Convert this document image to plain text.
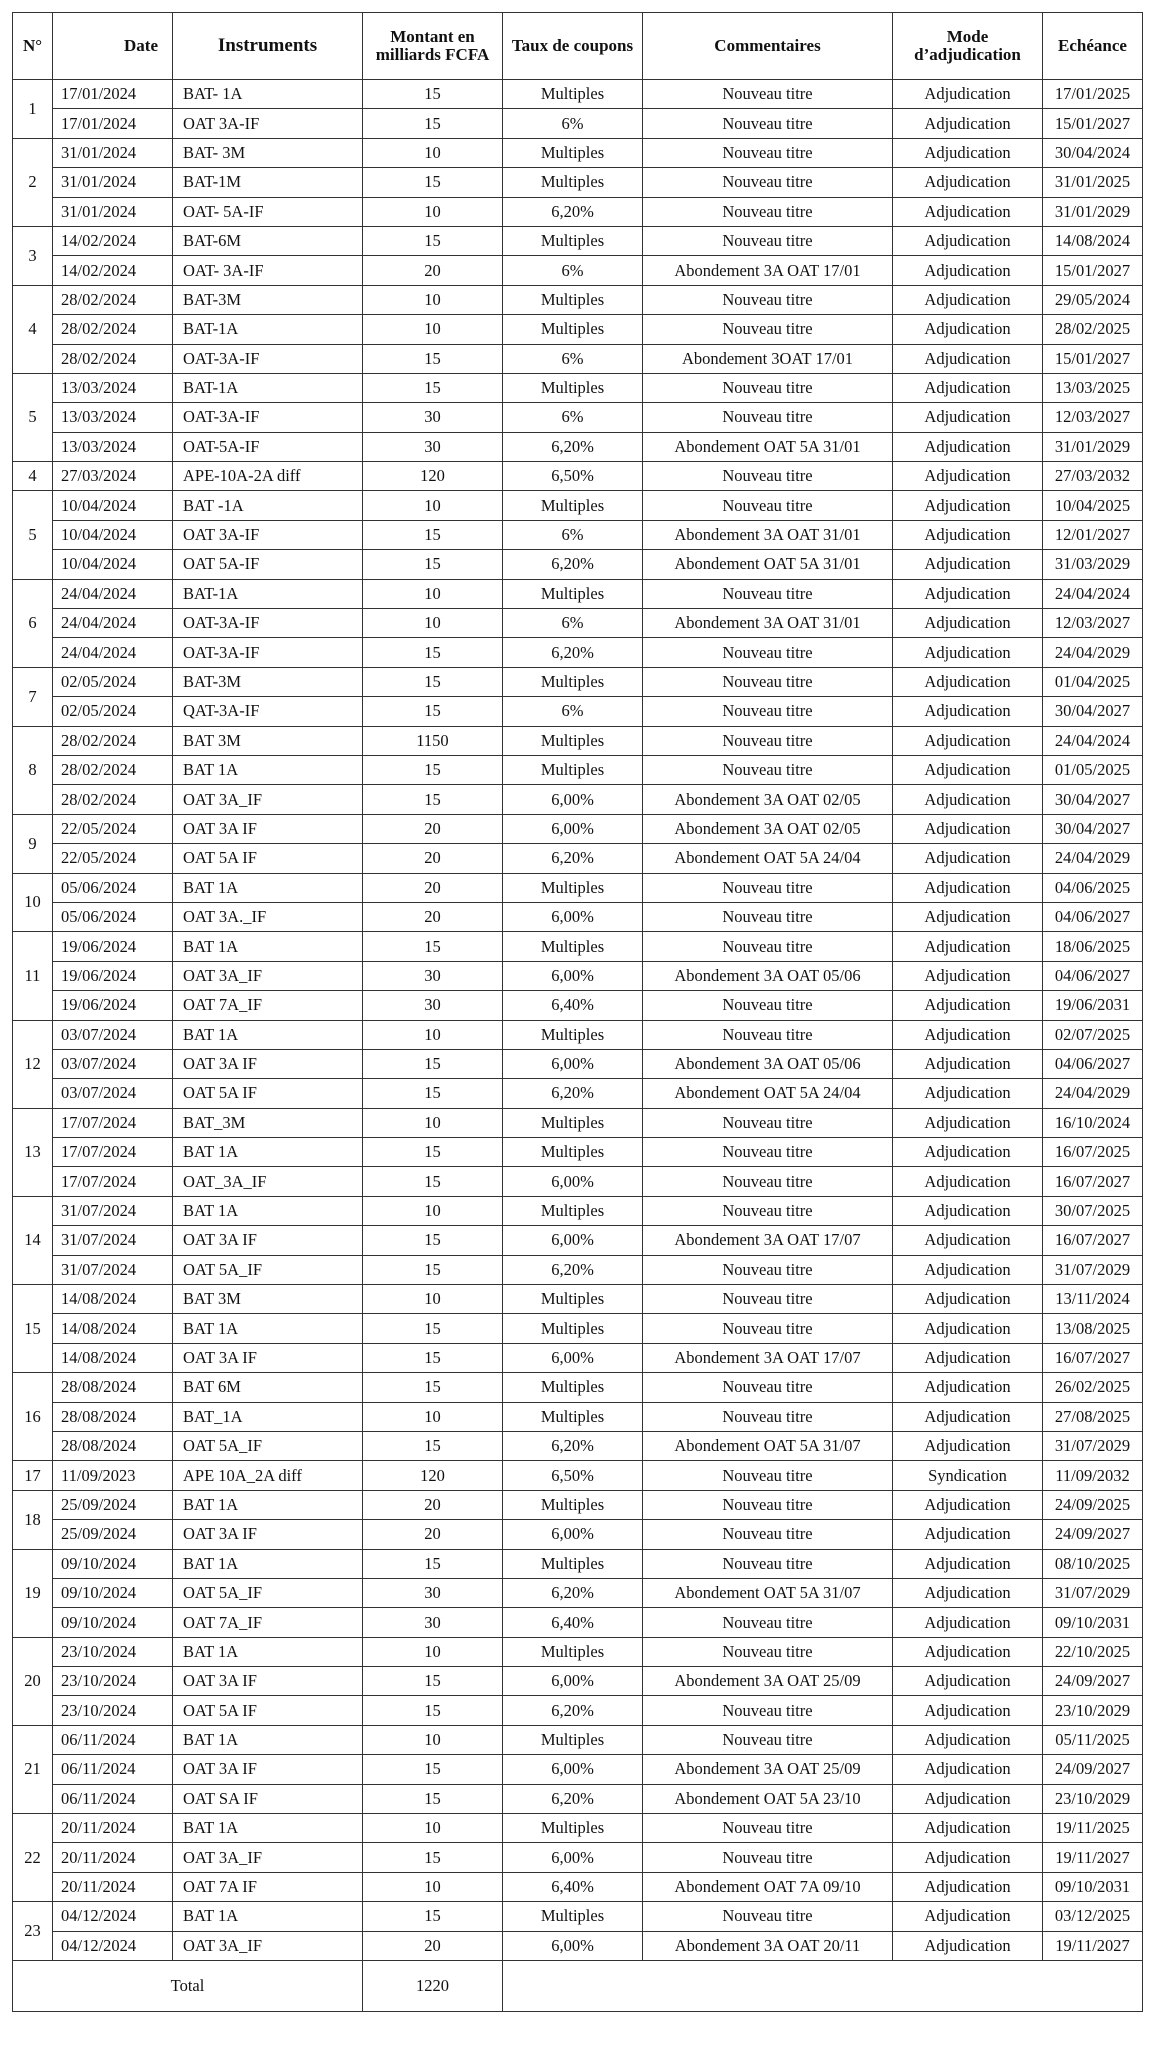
N°	Date	Instruments	Montant en milliards FCFA	Taux de coupons	Commentaires	Mode d’adjudication	Echéance
1	17/01/2024	BAT- 1A	15	Multiples	Nouveau titre	Adjudication	17/01/2025
	17/01/2024	OAT 3A-IF	15	6%	Nouveau titre	Adjudication	15/01/2027
2	31/01/2024	BAT- 3M	10	Multiples	Nouveau titre	Adjudication	30/04/2024
	31/01/2024	BAT-1M	15	Multiples	Nouveau titre	Adjudication	31/01/2025
	31/01/2024	OAT- 5A-IF	10	6,20%	Nouveau titre	Adjudication	31/01/2029
3	14/02/2024	BAT-6M	15	Multiples	Nouveau titre	Adjudication	14/08/2024
	14/02/2024	OAT- 3A-IF	20	6%	Abondement 3A OAT 17/01	Adjudication	15/01/2027
4	28/02/2024	BAT-3M	10	Multiples	Nouveau titre	Adjudication	29/05/2024
	28/02/2024	BAT-1A	10	Multiples	Nouveau titre	Adjudication	28/02/2025
	28/02/2024	OAT-3A-IF	15	6%	Abondement 3OAT 17/01	Adjudication	15/01/2027
5	13/03/2024	BAT-1A	15	Multiples	Nouveau titre	Adjudication	13/03/2025
	13/03/2024	OAT-3A-IF	30	6%	Nouveau titre	Adjudication	12/03/2027
	13/03/2024	OAT-5A-IF	30	6,20%	Abondement OAT 5A 31/01	Adjudication	31/01/2029
4	27/03/2024	APE-10A-2A diff	120	6,50%	Nouveau titre	Adjudication	27/03/2032
5	10/04/2024	BAT -1A	10	Multiples	Nouveau titre	Adjudication	10/04/2025
	10/04/2024	OAT 3A-IF	15	6%	Abondement 3A OAT 31/01	Adjudication	12/01/2027
	10/04/2024	OAT 5A-IF	15	6,20%	Abondement OAT 5A 31/01	Adjudication	31/03/2029
6	24/04/2024	BAT-1A	10	Multiples	Nouveau titre	Adjudication	24/04/2024
	24/04/2024	OAT-3A-IF	10	6%	Abondement 3A OAT 31/01	Adjudication	12/03/2027
	24/04/2024	OAT-3A-IF	15	6,20%	Nouveau titre	Adjudication	24/04/2029
7	02/05/2024	BAT-3M	15	Multiples	Nouveau titre	Adjudication	01/04/2025
	02/05/2024	QAT-3A-IF	15	6%	Nouveau titre	Adjudication	30/04/2027
8	28/02/2024	BAT 3M	1150	Multiples	Nouveau titre	Adjudication	24/04/2024
	28/02/2024	BAT 1A	15	Multiples	Nouveau titre	Adjudication	01/05/2025
	28/02/2024	OAT 3A_IF	15	6,00%	Abondement 3A OAT 02/05	Adjudication	30/04/2027
9	22/05/2024	OAT 3A IF	20	6,00%	Abondement 3A OAT 02/05	Adjudication	30/04/2027
	22/05/2024	OAT 5A IF	20	6,20%	Abondement OAT 5A 24/04	Adjudication	24/04/2029
10	05/06/2024	BAT 1A	20	Multiples	Nouveau titre	Adjudication	04/06/2025
	05/06/2024	OAT 3A._IF	20	6,00%	Nouveau titre	Adjudication	04/06/2027
11	19/06/2024	BAT 1A	15	Multiples	Nouveau titre	Adjudication	18/06/2025
	19/06/2024	OAT 3A_IF	30	6,00%	Abondement 3A OAT 05/06	Adjudication	04/06/2027
	19/06/2024	OAT 7A_IF	30	6,40%	Nouveau titre	Adjudication	19/06/2031
12	03/07/2024	BAT 1A	10	Multiples	Nouveau titre	Adjudication	02/07/2025
	03/07/2024	OAT 3A IF	15	6,00%	Abondement 3A OAT 05/06	Adjudication	04/06/2027
	03/07/2024	OAT 5A IF	15	6,20%	Abondement OAT 5A 24/04	Adjudication	24/04/2029
13	17/07/2024	BAT_3M	10	Multiples	Nouveau titre	Adjudication	16/10/2024
	17/07/2024	BAT 1A	15	Multiples	Nouveau titre	Adjudication	16/07/2025
	17/07/2024	OAT_3A_IF	15	6,00%	Nouveau titre	Adjudication	16/07/2027
14	31/07/2024	BAT 1A	10	Multiples	Nouveau titre	Adjudication	30/07/2025
	31/07/2024	OAT 3A IF	15	6,00%	Abondement 3A OAT 17/07	Adjudication	16/07/2027
	31/07/2024	OAT 5A_IF	15	6,20%	Nouveau titre	Adjudication	31/07/2029
15	14/08/2024	BAT 3M	10	Multiples	Nouveau titre	Adjudication	13/11/2024
	14/08/2024	BAT 1A	15	Multiples	Nouveau titre	Adjudication	13/08/2025
	14/08/2024	OAT 3A IF	15	6,00%	Abondement 3A OAT 17/07	Adjudication	16/07/2027
16	28/08/2024	BAT 6M	15	Multiples	Nouveau titre	Adjudication	26/02/2025
	28/08/2024	BAT_1A	10	Multiples	Nouveau titre	Adjudication	27/08/2025
	28/08/2024	OAT 5A_IF	15	6,20%	Abondement OAT 5A 31/07	Adjudication	31/07/2029
17	11/09/2023	APE 10A_2A diff	120	6,50%	Nouveau titre	Syndication	11/09/2032
18	25/09/2024	BAT 1A	20	Multiples	Nouveau titre	Adjudication	24/09/2025
	25/09/2024	OAT 3A IF	20	6,00%	Nouveau titre	Adjudication	24/09/2027
19	09/10/2024	BAT 1A	15	Multiples	Nouveau titre	Adjudication	08/10/2025
	09/10/2024	OAT 5A_IF	30	6,20%	Abondement OAT 5A 31/07	Adjudication	31/07/2029
	09/10/2024	OAT 7A_IF	30	6,40%	Nouveau titre	Adjudication	09/10/2031
20	23/10/2024	BAT 1A	10	Multiples	Nouveau titre	Adjudication	22/10/2025
	23/10/2024	OAT 3A IF	15	6,00%	Abondement 3A OAT 25/09	Adjudication	24/09/2027
	23/10/2024	OAT 5A IF	15	6,20%	Nouveau titre	Adjudication	23/10/2029
21	06/11/2024	BAT 1A	10	Multiples	Nouveau titre	Adjudication	05/11/2025
	06/11/2024	OAT 3A IF	15	6,00%	Abondement 3A OAT 25/09	Adjudication	24/09/2027
	06/11/2024	OAT SA IF	15	6,20%	Abondement OAT 5A 23/10	Adjudication	23/10/2029
22	20/11/2024	BAT 1A	10	Multiples	Nouveau titre	Adjudication	19/11/2025
	20/11/2024	OAT 3A_IF	15	6,00%	Nouveau titre	Adjudication	19/11/2027
	20/11/2024	OAT 7A IF	10	6,40%	Abondement OAT 7A 09/10	Adjudication	09/10/2031
23	04/12/2024	BAT 1A	15	Multiples	Nouveau titre	Adjudication	03/12/2025
	04/12/2024	OAT 3A_IF	20	6,00%	Abondement 3A OAT 20/11	Adjudication	19/11/2027
Total			1220				
